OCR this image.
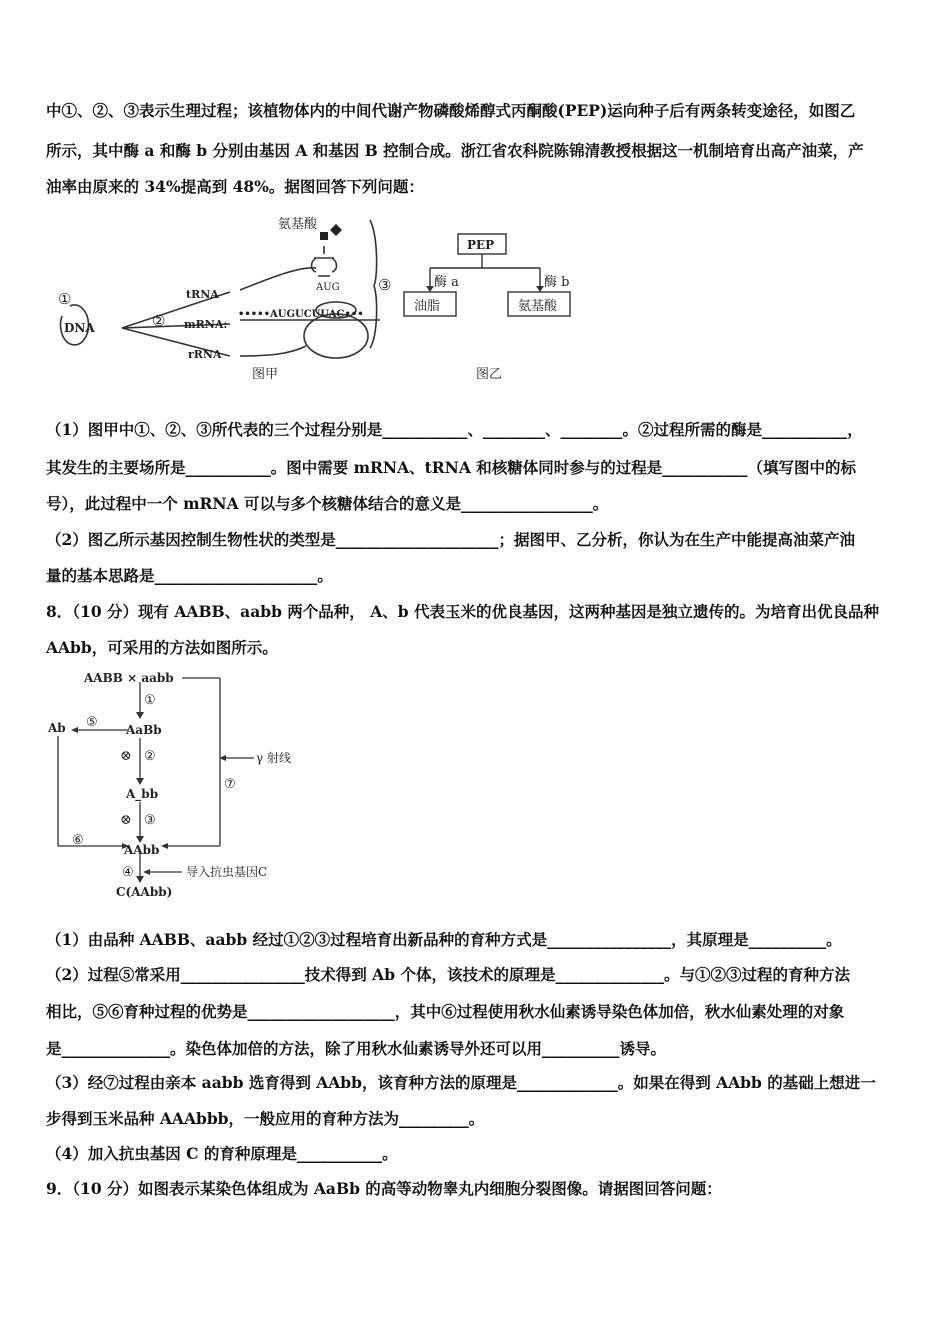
中①、②、③表示生理过程；该植物体内的中间代谢产物磷酸烯醇式丙酮酸(PEP)运向种子后有两条转变途径，如图乙
所示，其中酶 a 和酶 b 分别由基因 A 和基因 B 控制合成。浙江省农科院陈锦清教授根据这一机制培育出高产油菜，产
油率由原来的 34%提高到 48%。据图回答下列问题：
氨基酸
①
DNA	②
tRNA
mRNA:
rRNA
AUG
•••••AUGUCUUAC•••
③
图甲
PEP
酶 a	酶 b
油脂	氨基酸
图乙
（1）图甲中①、②、③所代表的三个过程分别是___________、________、________。②过程所需的酶是___________，
其发生的主要场所是___________。图中需要 mRNA、tRNA 和核糖体同时参与的过程是___________（填写图中的标
号），此过程中一个 mRNA 可以与多个核糖体结合的意义是_________________。
（2）图乙所示基因控制生物性状的类型是_____________________；据图甲、乙分析，你认为在生产中能提高油菜产油
量的基本思路是_____________________。
8．（10 分）现有 AABB、aabb 两个品种， A、b 代表玉米的优良基因，这两种基因是独立遗传的。为培育出优良品种
AAbb，可采用的方法如图所示。
AABB × aabb
①
AaBb
⊗ ②
A_bb
⊗ ③
AAbb
④
C(AAbb)
Ab ⑤
⑥
⑦
γ 射线
导入抗虫基因C
（1）由品种 AABB、aabb 经过①②③过程培育出新品种的育种方式是________________，其原理是__________。
（2）过程⑤常采用________________技术得到 Ab 个体，该技术的原理是______________。与①②③过程的育种方法
相比，⑤⑥育种过程的优势是___________________，其中⑥过程使用秋水仙素诱导染色体加倍，秋水仙素处理的对象
是______________。染色体加倍的方法，除了用秋水仙素诱导外还可以用__________诱导。
（3）经⑦过程由亲本 aabb 选育得到 AAbb，该育种方法的原理是_____________。如果在得到 AAbb 的基础上想进一
步得到玉米品种 AAAbbb，一般应用的育种方法为_________。
（4）加入抗虫基因 C 的育种原理是___________。
9．（10 分）如图表示某染色体组成为 AaBb 的高等动物睾丸内细胞分裂图像。请据图回答问题：
